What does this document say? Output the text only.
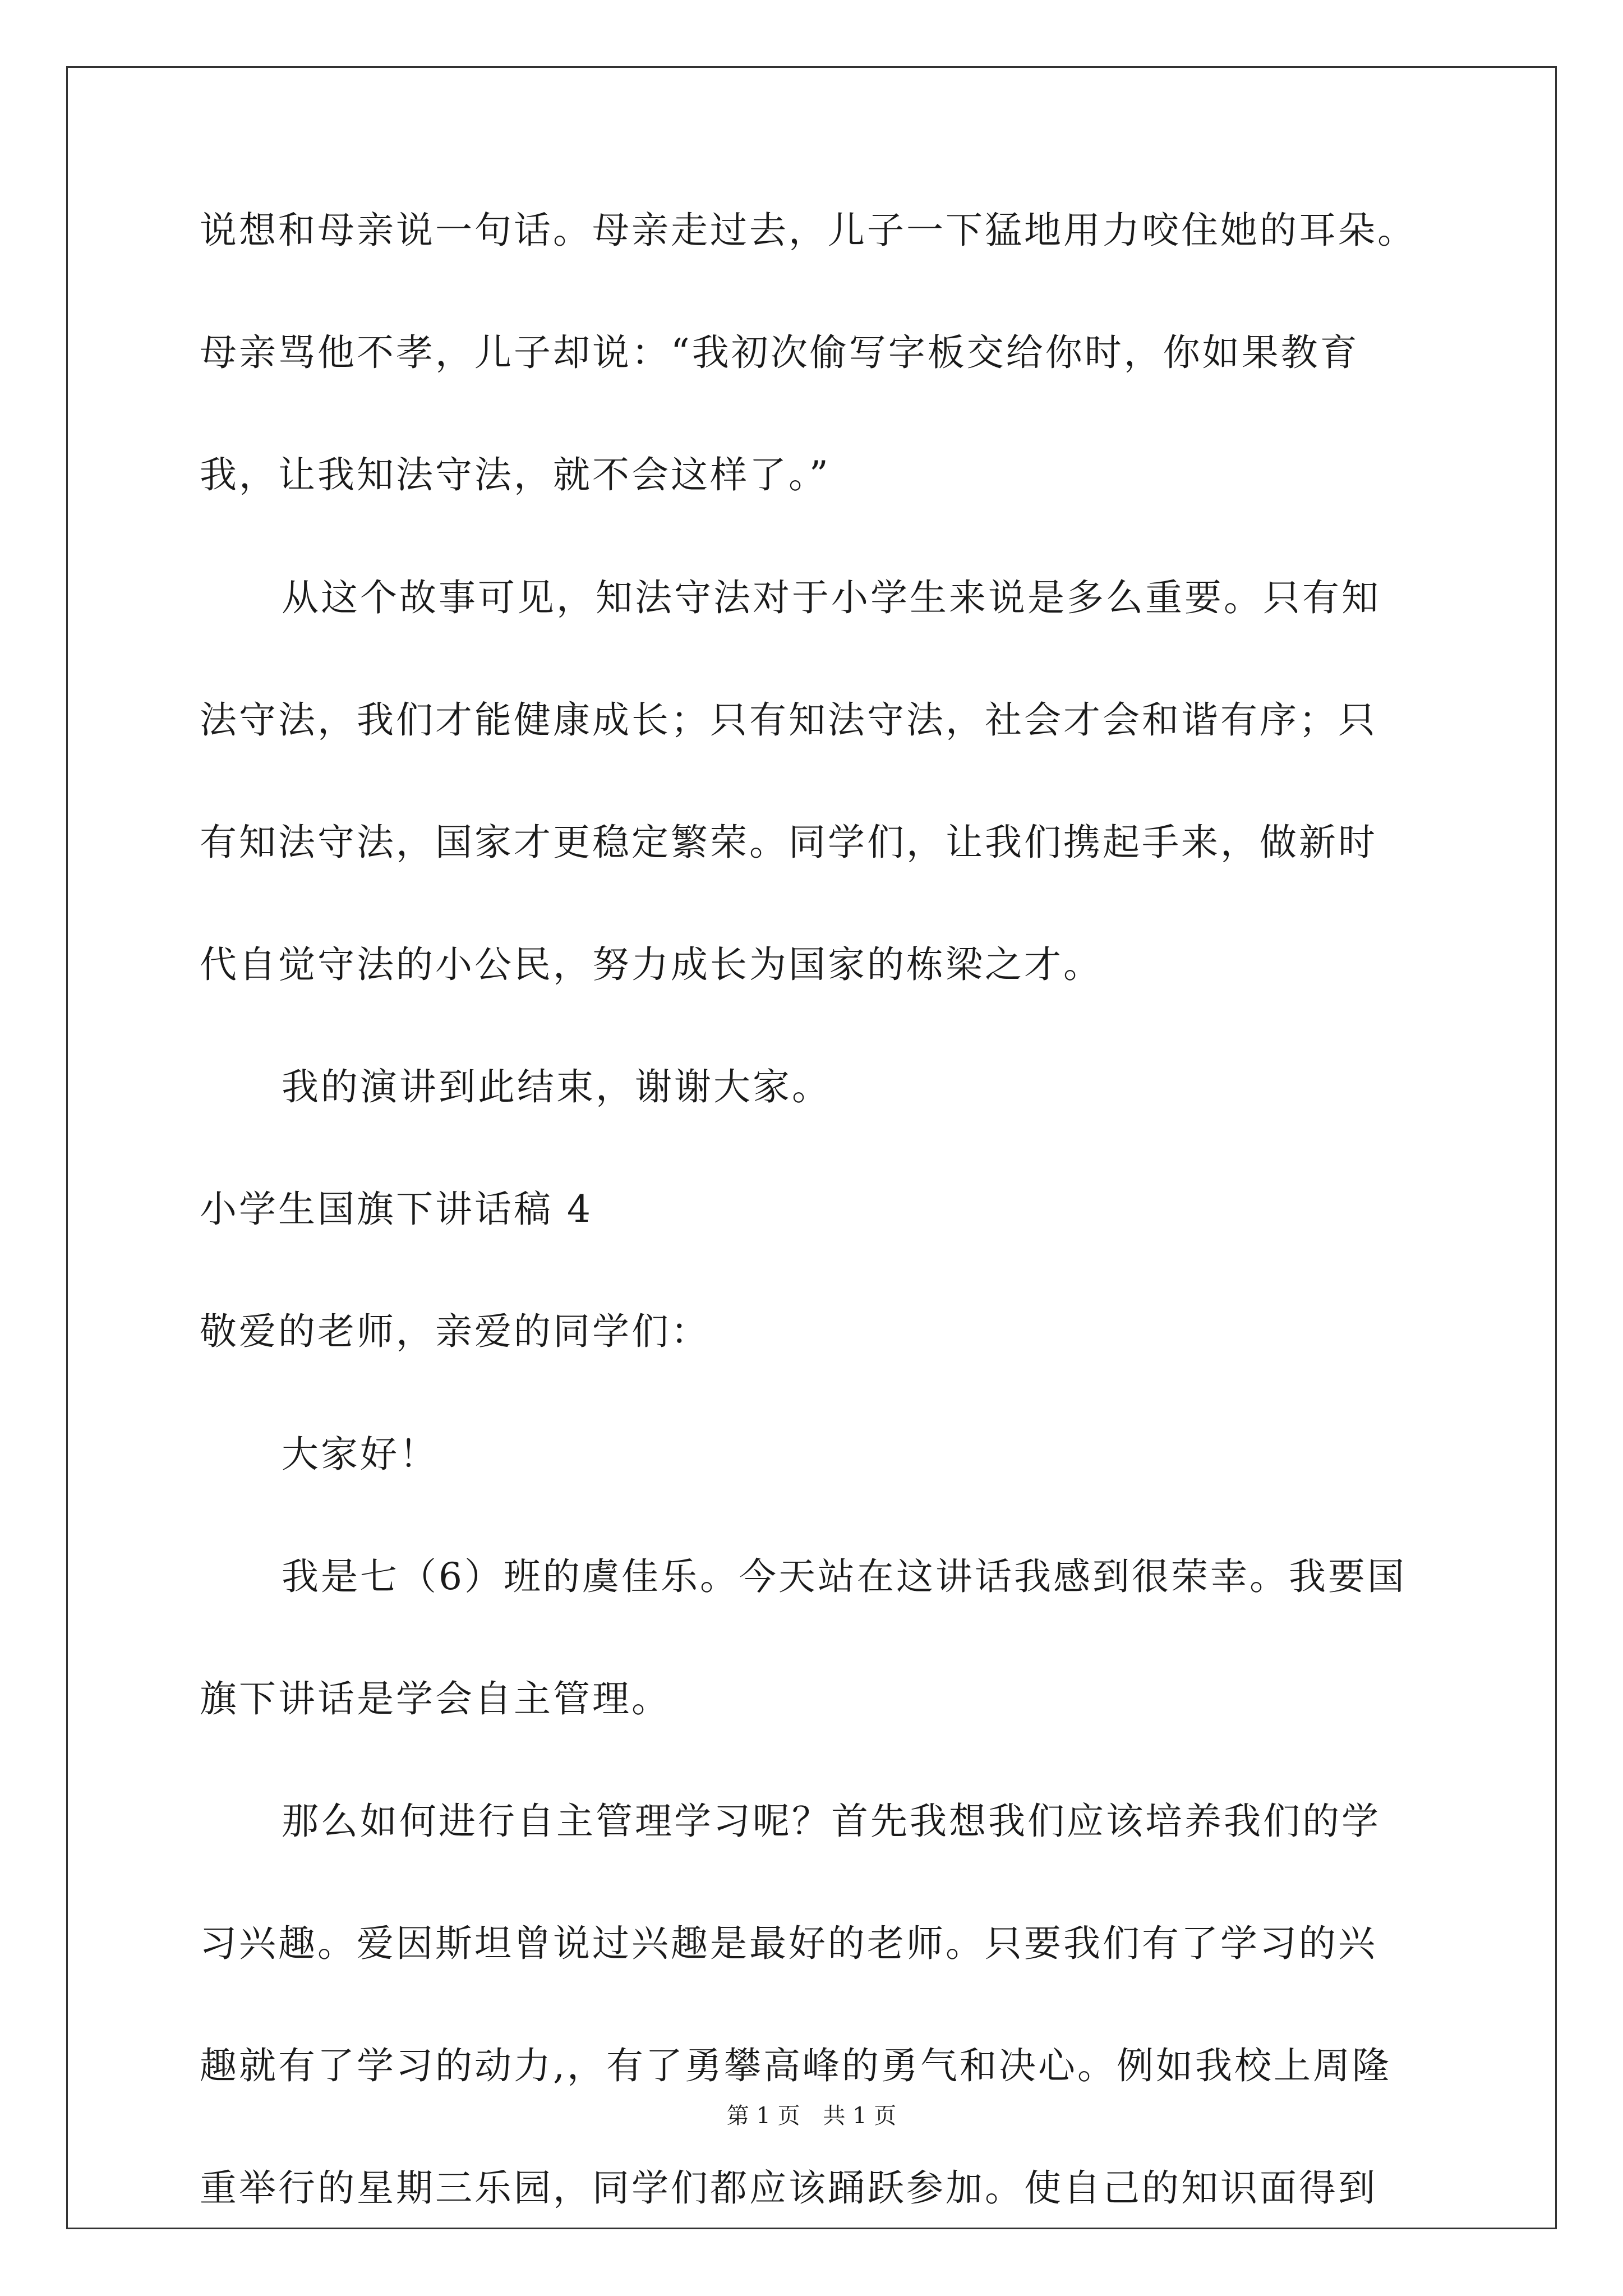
说想和母亲说一句话。母亲走过去，儿子一下猛地用力咬住她的耳朵。
母亲骂他不孝，儿子却说：“我初次偷写字板交给你时，你如果教育
我，让我知法守法，就不会这样了。”
从这个故事可见，知法守法对于小学生来说是多么重要。只有知
法守法，我们才能健康成长；只有知法守法，社会才会和谐有序；只
有知法守法，国家才更稳定繁荣。同学们，让我们携起手来，做新时
代自觉守法的小公民，努力成长为国家的栋梁之才。
我的演讲到此结束，谢谢大家。
小学生国旗下讲话稿 4
敬爱的老师，亲爱的同学们：
大家好！
我是七（6）班的虞佳乐。今天站在这讲话我感到很荣幸。我要国
旗下讲话是学会自主管理。
那么如何进行自主管理学习呢？首先我想我们应该培养我们的学
习兴趣。爱因斯坦曾说过兴趣是最好的老师。只要我们有了学习的兴
趣就有了学习的动力,，有了勇攀高峰的勇气和决心。例如我校上周隆
重举行的星期三乐园，同学们都应该踊跃参加。使自己的知识面得到
第 1 页 共 1 页
